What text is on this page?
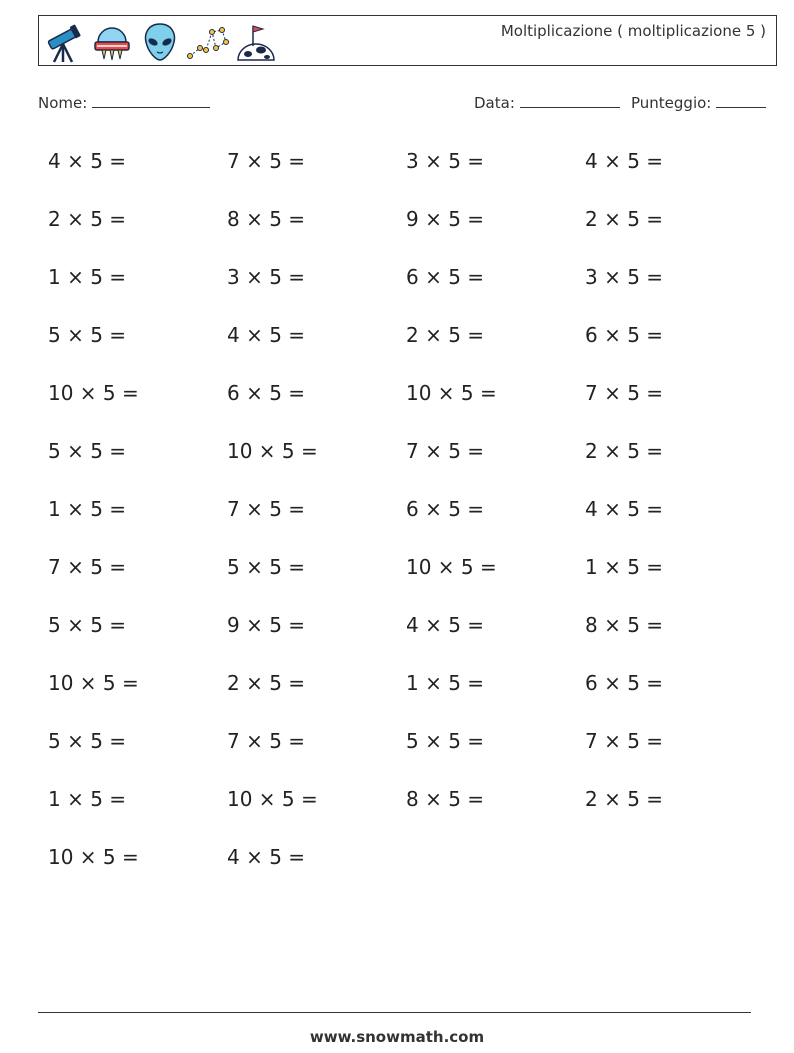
Moltiplicazione ( moltiplicazione 5 )
Nome:	Data:	Punteggio:
4 × 5 =	7 × 5 =	3 × 5 =	4 × 5 =
2 × 5 =	8 × 5 =	9 × 5 =	2 × 5 =
1 × 5 =	3 × 5 =	6 × 5 =	3 × 5 =
5 × 5 =	4 × 5 =	2 × 5 =	6 × 5 =
10 × 5 =	6 × 5 =	10 × 5 =	7 × 5 =
5 × 5 =	10 × 5 =	7 × 5 =	2 × 5 =
1 × 5 =	7 × 5 =	6 × 5 =	4 × 5 =
7 × 5 =	5 × 5 =	10 × 5 =	1 × 5 =
5 × 5 =	9 × 5 =	4 × 5 =	8 × 5 =
10 × 5 =	2 × 5 =	1 × 5 =	6 × 5 =
5 × 5 =	7 × 5 =	5 × 5 =	7 × 5 =
1 × 5 =	10 × 5 =	8 × 5 =	2 × 5 =
10 × 5 =	4 × 5 =
www.snowmath.com
